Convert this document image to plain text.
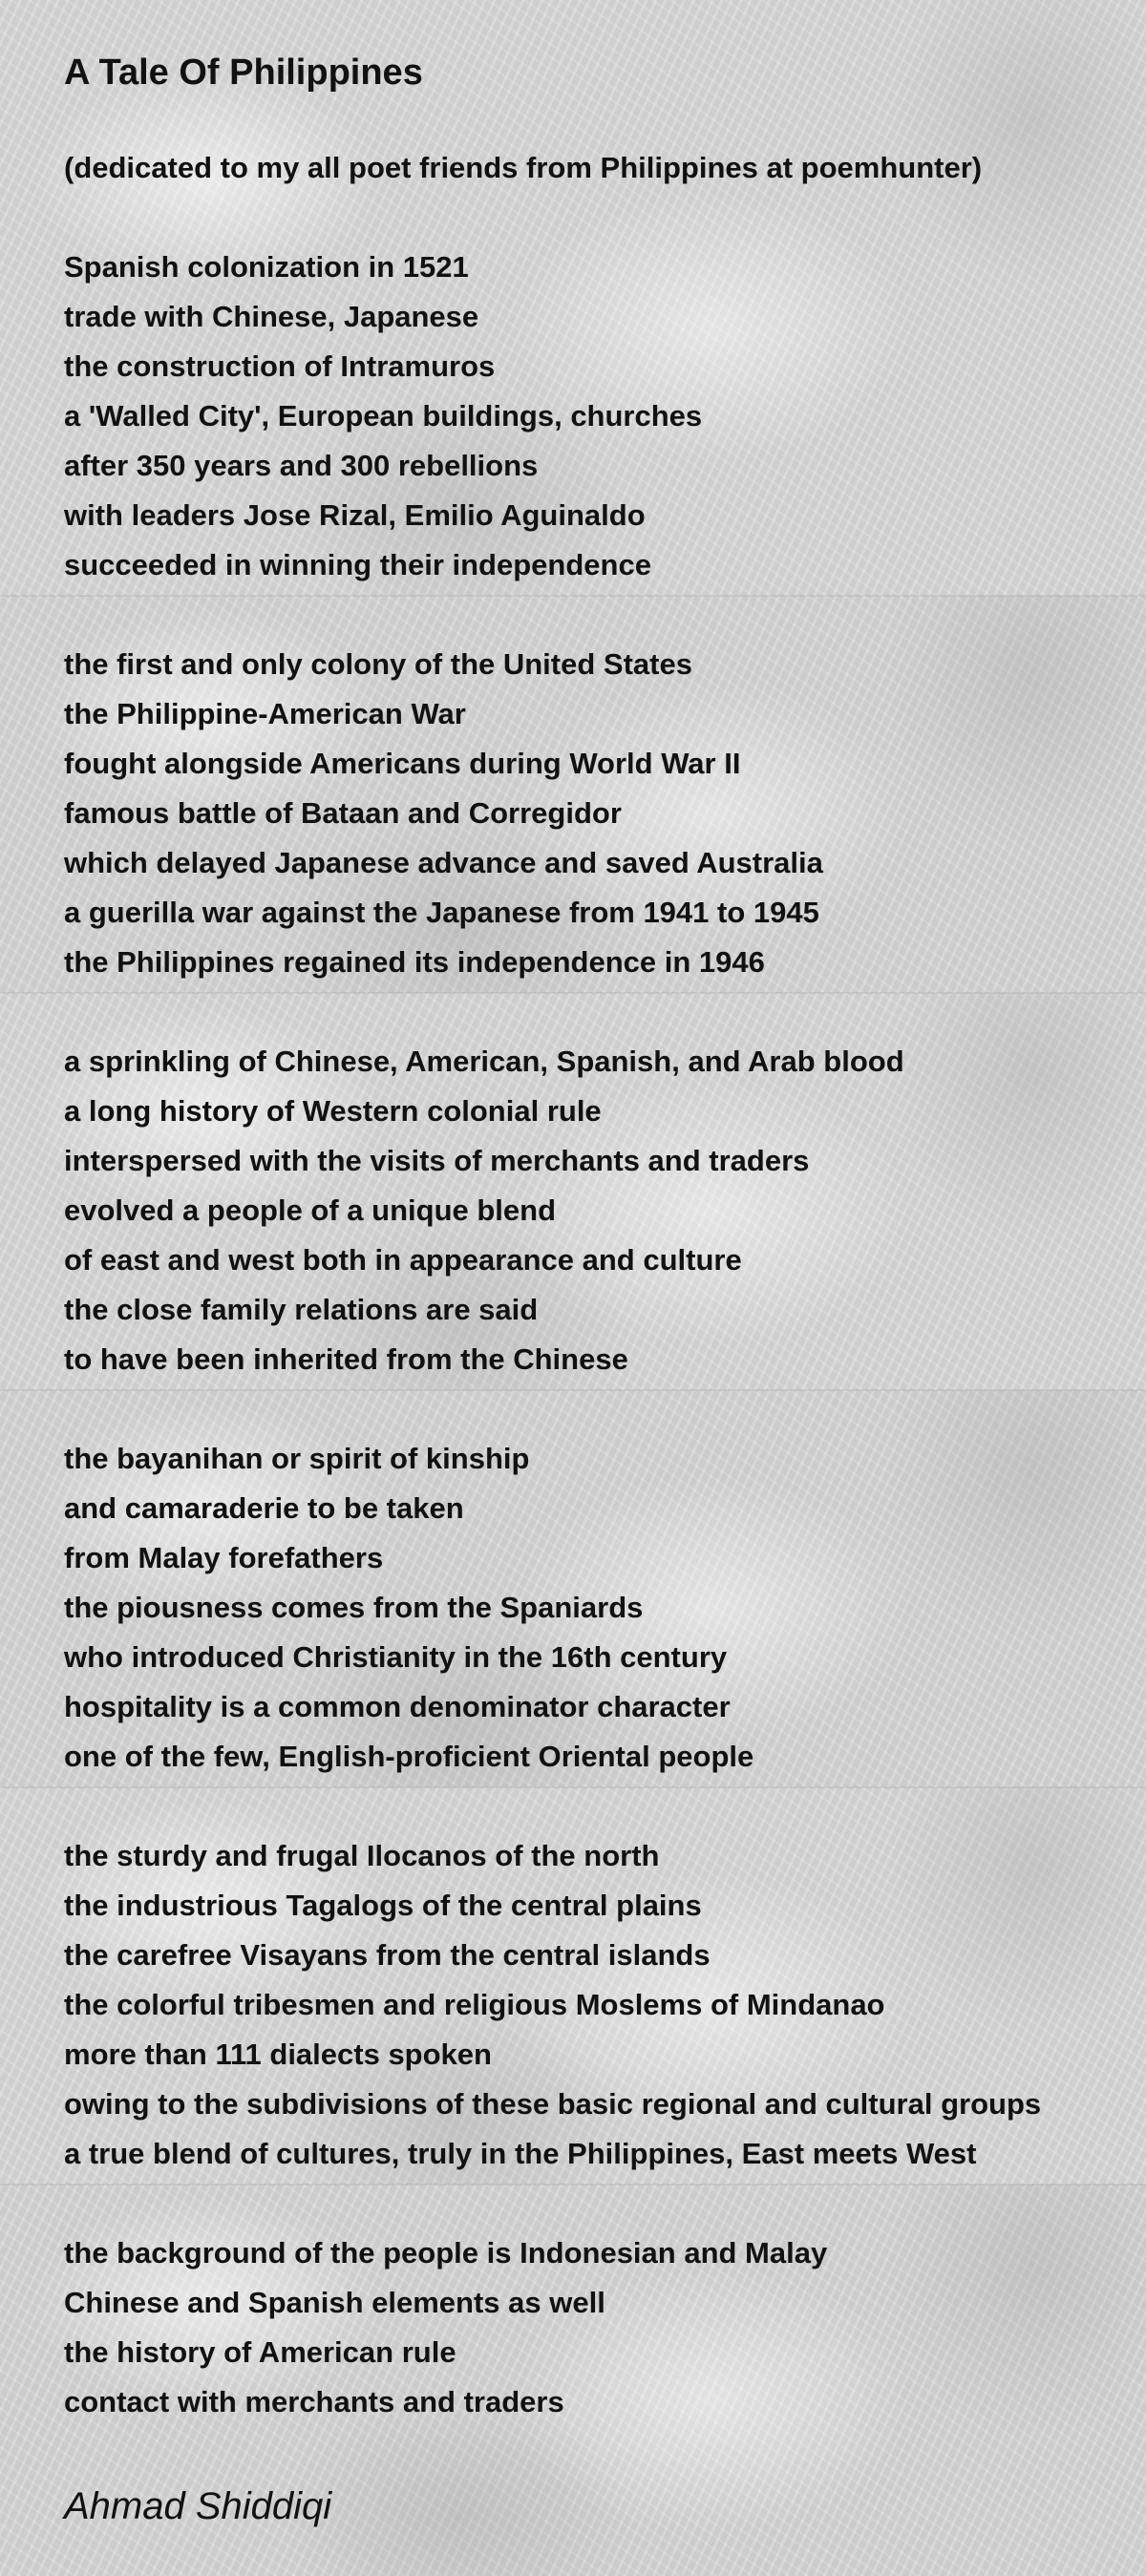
A Tale Of Philippines
(dedicated to my all poet friends from Philippines at poemhunter)
Spanish colonization in 1521
trade with Chinese, Japanese
the construction of Intramuros
a 'Walled City', European buildings, churches
after 350 years and 300 rebellions
with leaders Jose Rizal, Emilio Aguinaldo
succeeded in winning their independence
the first and only colony of the United States
the Philippine-American War
fought alongside Americans during World War II
famous battle of Bataan and Corregidor
which delayed Japanese advance and saved Australia
a guerilla war against the Japanese from 1941 to 1945
the Philippines regained its independence in 1946
a sprinkling of Chinese, American, Spanish, and Arab blood
a long history of Western colonial rule
interspersed with the visits of merchants and traders
evolved a people of a unique blend
of east and west both in appearance and culture
the close family relations are said
to have been inherited from the Chinese
the bayanihan or spirit of kinship
and camaraderie to be taken
from Malay forefathers
the piousness comes from the Spaniards
who introduced Christianity in the 16th century
hospitality is a common denominator character
one of the few, English-proficient Oriental people
the sturdy and frugal Ilocanos of the north
the industrious Tagalogs of the central plains
the carefree Visayans from the central islands
the colorful tribesmen and religious Moslems of Mindanao
more than 111 dialects spoken
owing to the subdivisions of these basic regional and cultural groups
a true blend of cultures, truly in the Philippines, East meets West
the background of the people is Indonesian and Malay
Chinese and Spanish elements as well
the history of American rule
contact with merchants and traders
Ahmad Shiddiqi
